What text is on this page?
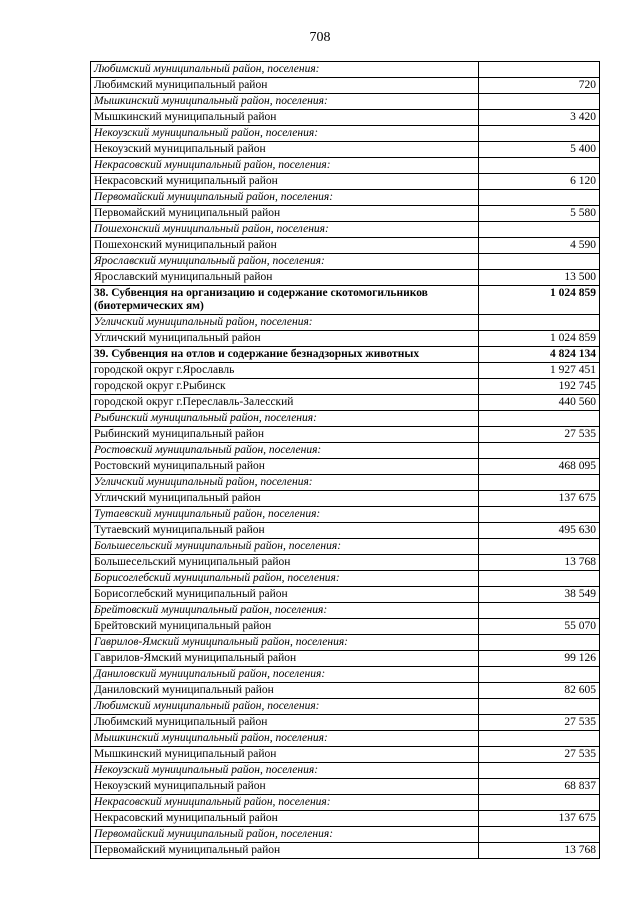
708
Любимский муниципальный район, поселения:	
Любимский муниципальный район	720
Мышкинский муниципальный район, поселения:	
Мышкинский муниципальный район	3 420
Некоузский муниципальный район, поселения:	
Некоузский муниципальный район	5 400
Некрасовский муниципальный район, поселения:	
Некрасовский муниципальный район	6 120
Первомайский муниципальный район, поселения:	
Первомайский муниципальный район	5 580
Пошехонский муниципальный район, поселения:	
Пошехонский муниципальный район	4 590
Ярославский муниципальный район, поселения:	
Ярославский муниципальный район	13 500
38. Субвенция на организацию и содержание скотомогильников (биотермических ям)	1 024 859
Угличский муниципальный район, поселения:	
Угличский муниципальный район	1 024 859
39. Субвенция на отлов и содержание безнадзорных животных	4 824 134
городской округ г.Ярославль	1 927 451
городской округ г.Рыбинск	192 745
городской округ г.Переславль-Залесский	440 560
Рыбинский муниципальный район, поселения:	
Рыбинский муниципальный район	27 535
Ростовский муниципальный район, поселения:	
Ростовский муниципальный район	468 095
Угличский муниципальный район, поселения:	
Угличский муниципальный район	137 675
Тутаевский муниципальный район, поселения:	
Тутаевский муниципальный район	495 630
Большесельский муниципальный район, поселения:	
Большесельский муниципальный район	13 768
Борисоглебский муниципальный район, поселения:	
Борисоглебский муниципальный район	38 549
Брейтовский муниципальный район, поселения:	
Брейтовский муниципальный район	55 070
Гаврилов-Ямский муниципальный район, поселения:	
Гаврилов-Ямский муниципальный район	99 126
Даниловский муниципальный район, поселения:	
Даниловский муниципальный район	82 605
Любимский муниципальный район, поселения:	
Любимский муниципальный район	27 535
Мышкинский муниципальный район, поселения:	
Мышкинский муниципальный район	27 535
Некоузский муниципальный район, поселения:	
Некоузский муниципальный район	68 837
Некрасовский муниципальный район, поселения:	
Некрасовский муниципальный район	137 675
Первомайский муниципальный район, поселения:	
Первомайский муниципальный район	13 768
